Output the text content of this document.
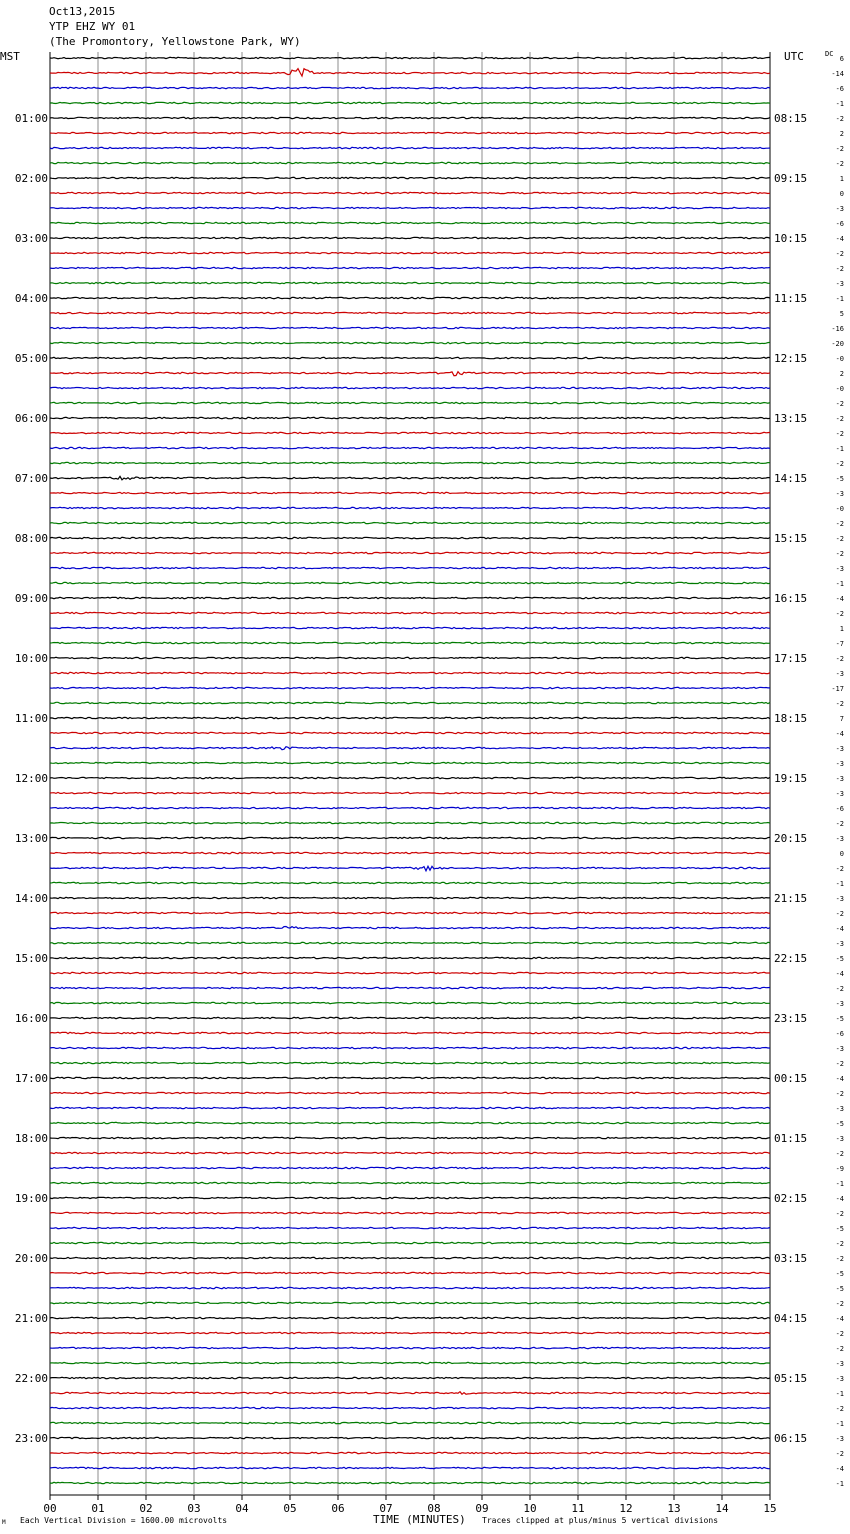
Oct13,2015
YTP EHZ WY 01
(The Promontory, Yellowstone Park, WY)
MST	UTC	DC
01:00
02:00
03:00
04:00
05:00
06:00
07:00
08:00
09:00
10:00
11:00
12:00
13:00
14:00
15:00
16:00
17:00
18:00
19:00
20:00
21:00
22:00
23:00
08:15
09:15
10:15
11:15
12:15
13:15
14:15
15:15
16:15
17:15
18:15
19:15
20:15
21:15
22:15
23:15
00:15
01:15
02:15
03:15
04:15
05:15
06:15
6
-14
-6
-1
-2
2
-2
-2
1
0
-3
-6
-4
-2
-2
-3
-1
5
-16
-20
-0
2
-0
-2
-2
-2
-1
-2
-5
-3
-0
-2
-2
-2
-3
-1
-4
-2
1
-7
-2
-3
-17
-2
7
-4
-3
-3
-3
-3
-6
-2
-3
0
-2
-1
-3
-2
-4
-3
-5
-4
-2
-3
-5
-6
-3
-2
-4
-2
-3
-5
-3
-2
-9
-1
-4
-2
-5
-2
-2
-5
-5
-2
-4
-2
-2
-3
-3
-1
-2
-1
-3
-2
-4
-1
00	01	02	03	04	05	06	07	08	09	10	11	12	13	14	15
M Each Vertical Division = 1600.00 microvolts	TIME (MINUTES) Traces clipped at plus/minus 5 vertical divisions
